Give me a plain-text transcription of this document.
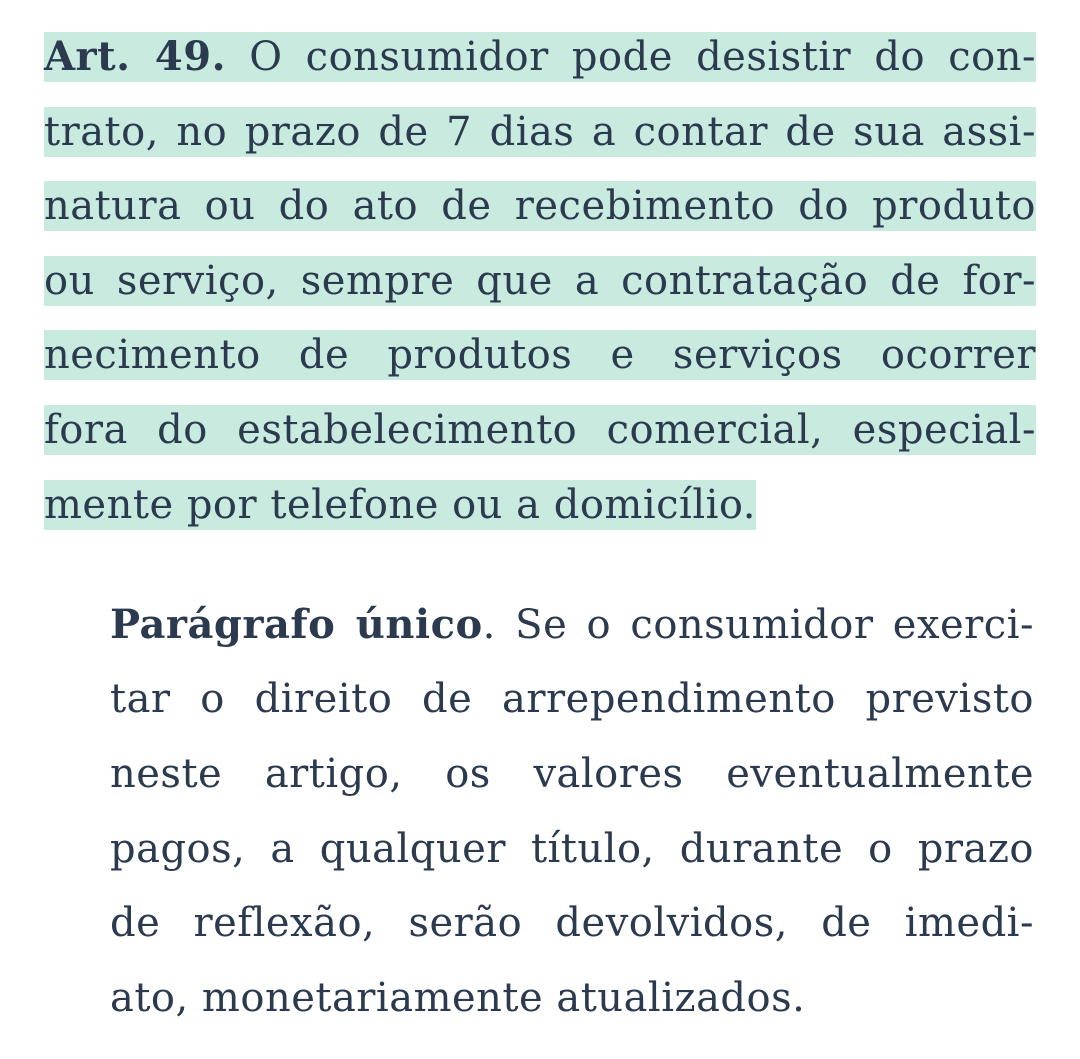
Art. 49. O consumidor pode desistir do con-
trato, no prazo de 7 dias a contar de sua assi-
natura ou do ato de recebimento do produto
ou serviço, sempre que a contratação de for-
necimento de produtos e serviços ocorrer
fora do estabelecimento comercial, especial-
mente por telefone ou a domicílio.
Parágrafo único. Se o consumidor exerci-
tar o direito de arrependimento previsto
neste artigo, os valores eventualmente
pagos, a qualquer título, durante o prazo
de reflexão, serão devolvidos, de imedi-
ato, monetariamente atualizados.
